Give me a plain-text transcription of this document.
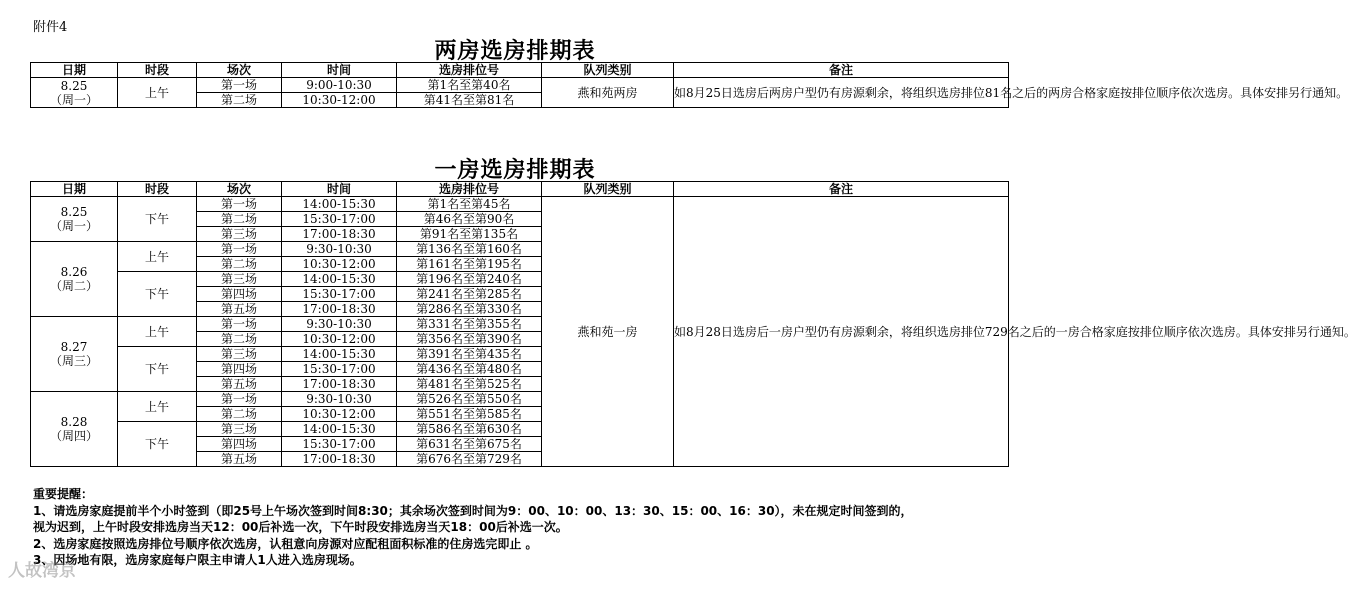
附件4
两房选房排期表
日期	时段	场次	时间	选房排位号	队列类别	备注

8.25
（周一）	上午	第一场	9:00-10:30	第1名至第40名	燕和苑两房	如8月25日选房后两房户型仍有房源剩余，将组织选房排位81名之后的两房合格家庭按排位顺序依次选房。具体安排另行通知。
		第二场	10:30-12:00	第41名至第81名		
一房选房排期表
日期	时段	场次	时间	选房排位号	队列类别	备注

8.25
（周一）	下午	第一场	14:00-15:30	第1名至第45名	燕和苑一房	如8月28日选房后一房户型仍有房源剩余，将组织选房排位729名之后的一房合格家庭按排位顺序依次选房。具体安排另行通知。
		第二场	15:30-17:00	第46名至第90名		
		第三场	17:00-18:30	第91名至第135名		

8.26
（周二）	上午	第一场	9:30-10:30	第136名至第160名		
		第二场	10:30-12:00	第161名至第195名		
	下午	第三场	14:00-15:30	第196名至第240名		
		第四场	15:30-17:00	第241名至第285名		
		第五场	17:00-18:30	第286名至第330名		

8.27
（周三）	上午	第一场	9:30-10:30	第331名至第355名		
		第二场	10:30-12:00	第356名至第390名		
	下午	第三场	14:00-15:30	第391名至第435名		
		第四场	15:30-17:00	第436名至第480名		
		第五场	17:00-18:30	第481名至第525名		

8.28
（周四）	上午	第一场	9:30-10:30	第526名至第550名		
		第二场	10:30-12:00	第551名至第585名		
	下午	第三场	14:00-15:30	第586名至第630名		
		第四场	15:30-17:00	第631名至第675名		
		第五场	17:00-18:30	第676名至第729名		
重要提醒：
1、请选房家庭提前半个小时签到（即25号上午场次签到时间8:30；其余场次签到时间为9：00、10：00、13：30、15：00、16：30），未在规定时间签到的，
视为迟到，上午时段安排选房当天12：00后补选一次，下午时段安排选房当天18：00后补选一次。
2、选房家庭按照选房排位号顺序依次选房，认租意向房源对应配租面积标准的住房选完即止 。
3、因场地有限，选房家庭每户限主申请人1人进入选房现场。
人故湾京
